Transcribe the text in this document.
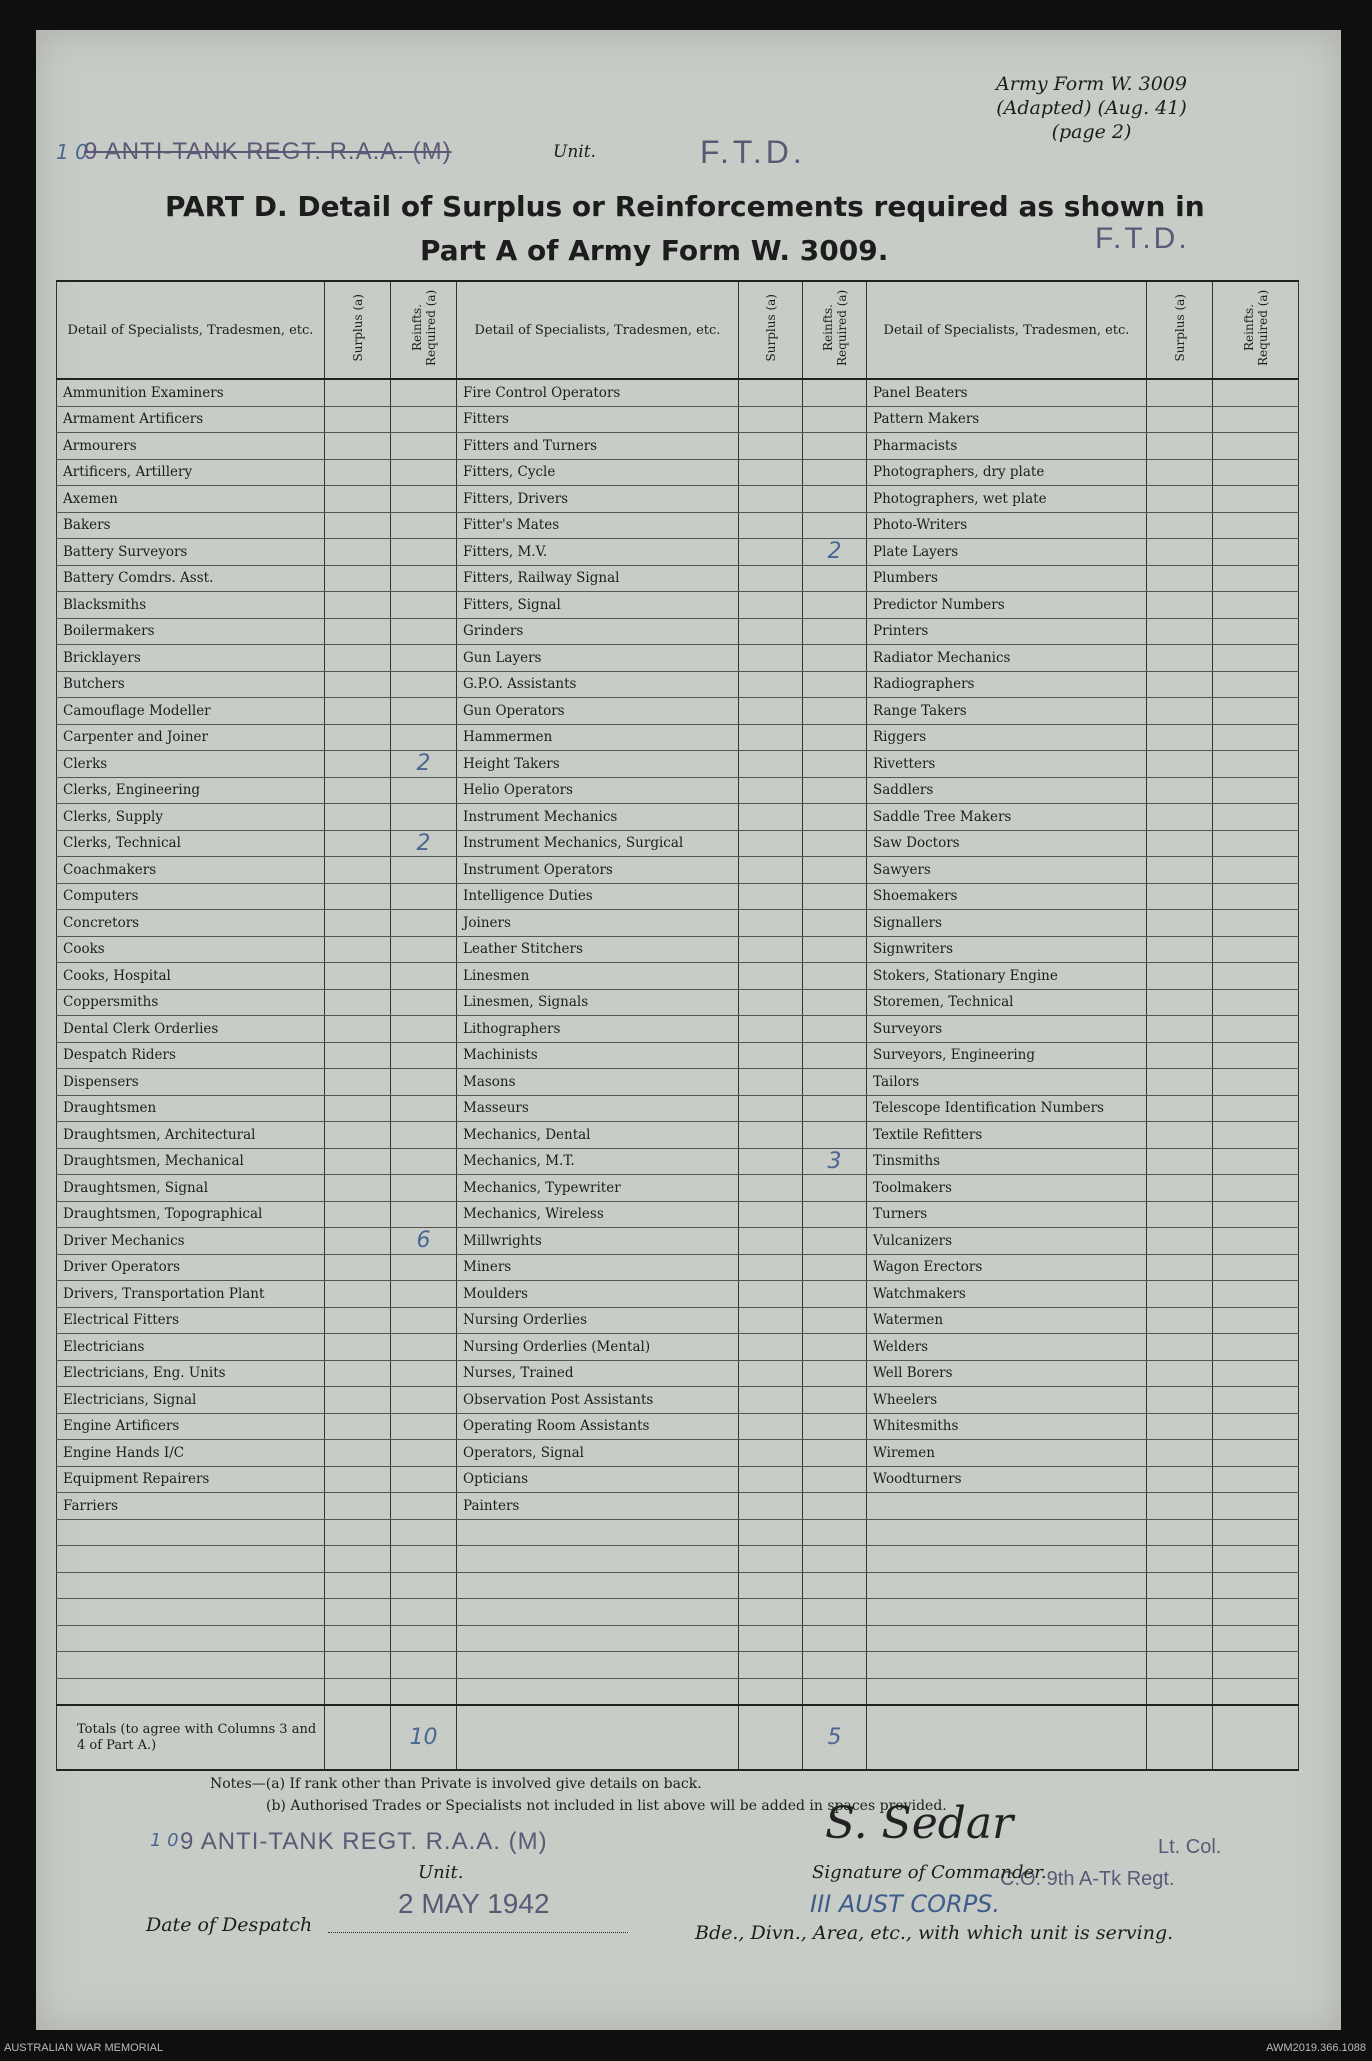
1 0
9 ANTI-TANK REGT. R.A.A. (M)	Unit.	F.T.D.
F.T.D.
Army Form W. 3009
(Adapted) (Aug. 41)
(page 2)
PART D. Detail of Surplus or Reinforcements required as shown in
Part A of Army Form W. 3009.
Detail of Specialists, Tradesmen, etc.	Surplus (a)	Reinfts. Required (a)	Detail of Specialists, Tradesmen, etc.	Surplus (a)	Reinfts. Required (a)	Detail of Specialists, Tradesmen, etc.	Surplus (a)	Reinfts. Required (a)
Ammunition Examiners			Fire Control Operators			Panel Beaters		
Armament Artificers			Fitters			Pattern Makers		
Armourers			Fitters and Turners			Pharmacists		
Artificers, Artillery			Fitters, Cycle			Photographers, dry plate		
Axemen			Fitters, Drivers			Photographers, wet plate		
Bakers			Fitter's Mates			Photo-Writers		
Battery Surveyors			Fitters, M.V.		2	Plate Layers		
Battery Comdrs. Asst.			Fitters, Railway Signal			Plumbers		
Blacksmiths			Fitters, Signal			Predictor Numbers		
Boilermakers			Grinders			Printers		
Bricklayers			Gun Layers			Radiator Mechanics		
Butchers			G.P.O. Assistants			Radiographers		
Camouflage Modeller			Gun Operators			Range Takers		
Carpenter and Joiner			Hammermen			Riggers		
Clerks		2	Height Takers			Rivetters		
Clerks, Engineering			Helio Operators			Saddlers		
Clerks, Supply			Instrument Mechanics			Saddle Tree Makers		
Clerks, Technical		2	Instrument Mechanics, Surgical			Saw Doctors		
Coachmakers			Instrument Operators			Sawyers		
Computers			Intelligence Duties			Shoemakers		
Concretors			Joiners			Signallers		
Cooks			Leather Stitchers			Signwriters		
Cooks, Hospital			Linesmen			Stokers, Stationary Engine		
Coppersmiths			Linesmen, Signals			Storemen, Technical		
Dental Clerk Orderlies			Lithographers			Surveyors		
Despatch Riders			Machinists			Surveyors, Engineering		
Dispensers			Masons			Tailors		
Draughtsmen			Masseurs			Telescope Identification Numbers		
Draughtsmen, Architectural			Mechanics, Dental			Textile Refitters		
Draughtsmen, Mechanical			Mechanics, M.T.		3	Tinsmiths		
Draughtsmen, Signal			Mechanics, Typewriter			Toolmakers		
Draughtsmen, Topographical			Mechanics, Wireless			Turners		
Driver Mechanics		6	Millwrights			Vulcanizers		
Driver Operators			Miners			Wagon Erectors		
Drivers, Transportation Plant			Moulders			Watchmakers		
Electrical Fitters			Nursing Orderlies			Watermen		
Electricians			Nursing Orderlies (Mental)			Welders		
Electricians, Eng. Units			Nurses, Trained			Well Borers		
Electricians, Signal			Observation Post Assistants			Wheelers		
Engine Artificers			Operating Room Assistants			Whitesmiths		
Engine Hands I/C			Operators, Signal			Wiremen		
Equipment Repairers			Opticians			Woodturners		
Farriers			Painters					

Totals (to agree with Columns 3 and 4 of Part A.)		10			5			
Notes—(a) If rank other than Private is involved give details on back.
(b) Authorised Trades or Specialists not included in list above will be added in spaces provided.
1 0 9 ANTI-TANK REGT. R.A.A. (M)
Unit.
S. Sedar	Lt. Col.
C.O. 9th A-Tk Regt.
Signature of Commander.
III AUST CORPS.
Date of Despatch
2 MAY 1942
Bde., Divn., Area, etc., with which unit is serving.
AUSTRALIAN WAR MEMORIAL	AWM2019.366.1088
